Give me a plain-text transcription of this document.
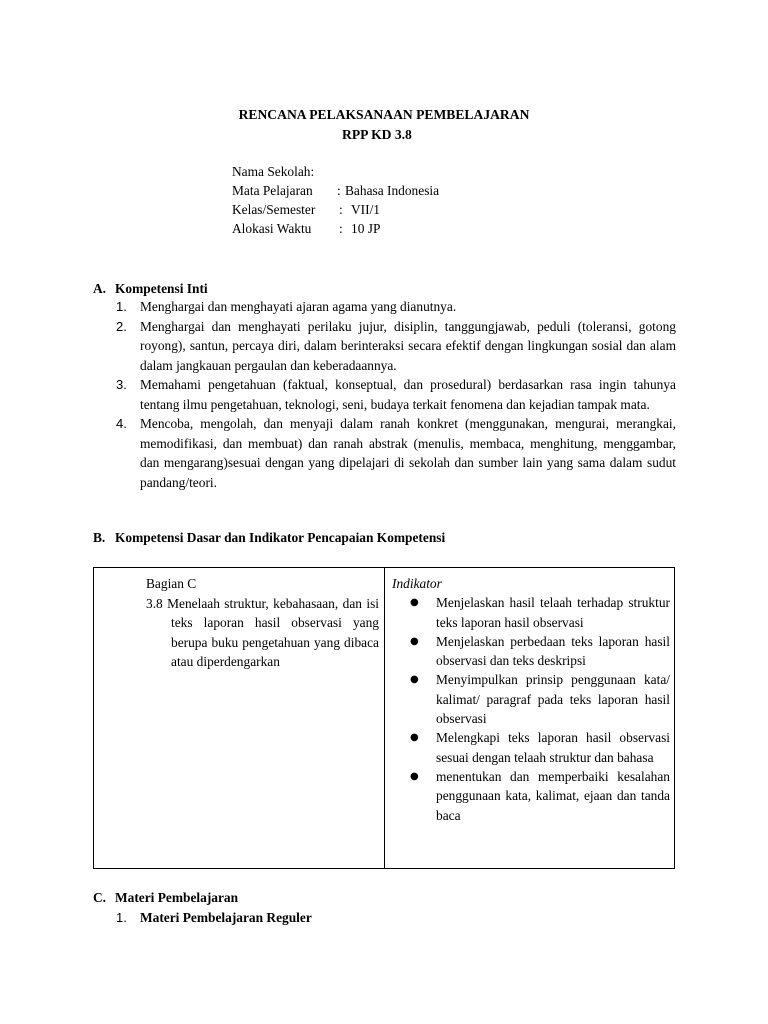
RENCANA PELAKSANAAN PEMBELAJARAN
RPP KD 3.8
Nama Sekolah:
Mata Pelajaran :Bahasa Indonesia
Kelas/Semester : VII/1
Alokasi Waktu : 10 JP
A. Kompetensi Inti
1. Menghargai dan menghayati ajaran agama yang dianutnya.
2. Menghargai dan menghayati perilaku jujur, disiplin, tanggungjawab, peduli (toleransi, gotong royong), santun, percaya diri, dalam berinteraksi secara efektif dengan lingkungan sosial dan alam dalam jangkauan pergaulan dan keberadaannya.
3. Memahami pengetahuan (faktual, konseptual, dan prosedural) berdasarkan rasa ingin tahunya tentang ilmu pengetahuan, teknologi, seni, budaya terkait fenomena dan kejadian tampak mata.
4. Mencoba, mengolah, dan menyaji dalam ranah konkret (menggunakan, mengurai, merangkai, memodifikasi, dan membuat) dan ranah abstrak (menulis, membaca, menghitung, menggambar, dan mengarang)sesuai dengan yang dipelajari di sekolah dan sumber lain yang sama dalam sudut pandang/teori.
B. Kompetensi Dasar dan Indikator Pencapaian Kompetensi
Bagian C
3.8 Menelaah struktur, kebahasaan, dan isi teks laporan hasil observasi yang berupa buku pengetahuan yang dibaca atau diperdengarkan
Indikator
● Menjelaskan hasil telaah terhadap struktur teks laporan hasil observasi
● Menjelaskan perbedaan teks laporan hasil observasi dan teks deskripsi
● Menyimpulkan prinsip penggunaan kata/ kalimat/ paragraf pada teks laporan hasil observasi
● Melengkapi teks laporan hasil observasi sesuai dengan telaah struktur dan bahasa
● menentukan dan memperbaiki kesalahan penggunaan kata, kalimat, ejaan dan tanda baca
C. Materi Pembelajaran
1. Materi Pembelajaran Reguler
